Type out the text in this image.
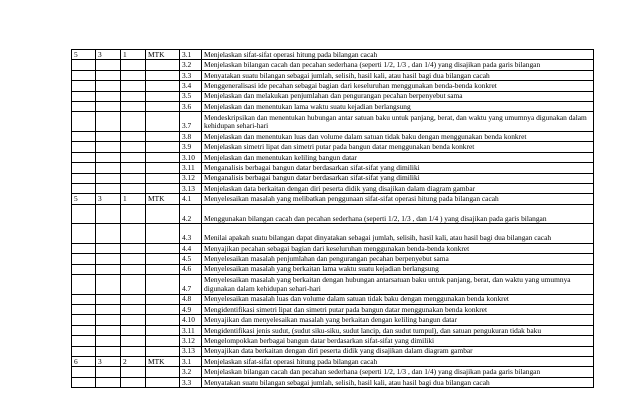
5	3	1	MTK	3.1	Menjelaskan sifat-sifat operasi hitung pada bilangan cacah
				3.2	Menjelaskan bilangan cacah dan pecahan sederhana (seperti 1/2, 1/3 , dan 1/4) yang disajikan pada garis bilangan
				3.3	Menyatakan suatu bilangan sebagai jumlah, selisih, hasil kali, atau hasil bagi dua bilangan cacah
				3.4	Menggeneralisasi ide pecahan sebagai bagian dari keseluruhan menggunakan benda-benda konkret
				3.5	Menjelaskan dan melakukan penjumlahan dan pengurangan pecahan berpenyebut sama
				3.6	Menjelaskan dan menentukan lama waktu suatu kejadian berlangsung
				3.7	Mendeskripsikan dan menentukan hubungan antar satuan baku untuk panjang, berat, dan waktu yang umumnya digunakan dalam kehidupan sehari-hari
				3.8	Menjelaskan dan menentukan luas dan volume dalam satuan tidak baku dengan menggunakan benda konkret
				3.9	Menjelaskan simetri lipat dan simetri putar pada bangun datar menggunakan benda konkret
				3.10	Menjelaskan dan menentukan keliling bangun datar
				3.11	Menganalisis berbagai bangun datar berdasarkan sifat-sifat yang dimiliki
				3.12	Menganalisis berbagai bangun datar berdasarkan sifat-sifat yang dimiliki
				3.13	Menjelaskan data berkaitan dengan diri peserta didik yang disajikan dalam diagram gambar
5	3	1	MTK	4.1	Menyelesaikan masalah yang melibatkan penggunaan sifat-sifat operasi hitung pada bilangan cacah
				4.2	Menggunakan bilangan cacah dan pecahan sederhana (seperti 1/2, 1/3 , dan 1/4 ) yang disajikan pada garis bilangan
				4.3	Menilai apakah suatu bilangan dapat dinyatakan sebagai jumlah, selisih, hasil kali, atau hasil bagi dua bilangan cacah
				4.4	Menyajikan pecahan sebagai bagian dari keseluruhan menggunakan benda-benda konkret
				4.5	Menyelesaikan masalah penjumlahan dan pengurangan pecahan berpenyebut sama
				4.6	Menyelesaikan masalah yang berkaitan lama waktu suatu kejadian berlangsung
				4.7	Menyelesaikan masalah yang berkaitan dengan hubungan antarsatuan baku untuk panjang, berat, dan waktu yang umumnya digunakan dalam kehidupan sehari-hari
				4.8	Menyelesaikan masalah luas dan volume dalam satuan tidak baku dengan menggunakan benda konkret
				4.9	Mengidentifikasi simetri lipat dan simetri putar pada bangun datar menggunakan benda konkret
				4.10	Menyajikan dan menyelesaikan masalah yang berkaitan dengan keliling bangun datar
				3.11	Mengidentifikasi jenis sudut, (sudut siku-siku, sudut lancip, dan sudut tumpul), dan satuan pengukuran tidak baku
				3.12	Mengelompokkan berbagai bangun datar berdasarkan sifat-sifat yang dimiliki
				3.13	Menyajikan data berkaitan dengan diri peserta didik yang disajikan dalam diagram gambar
6	3	2	MTK	3.1	Menjelaskan sifat-sifat operasi hitung pada bilangan cacah
				3.2	Menjelaskan bilangan cacah dan pecahan sederhana (seperti 1/2, 1/3 , dan 1/4) yang disajikan pada garis bilangan
				3.3	Menyatakan suatu bilangan sebagai jumlah, selisih, hasil kali, atau hasil bagi dua bilangan cacah
